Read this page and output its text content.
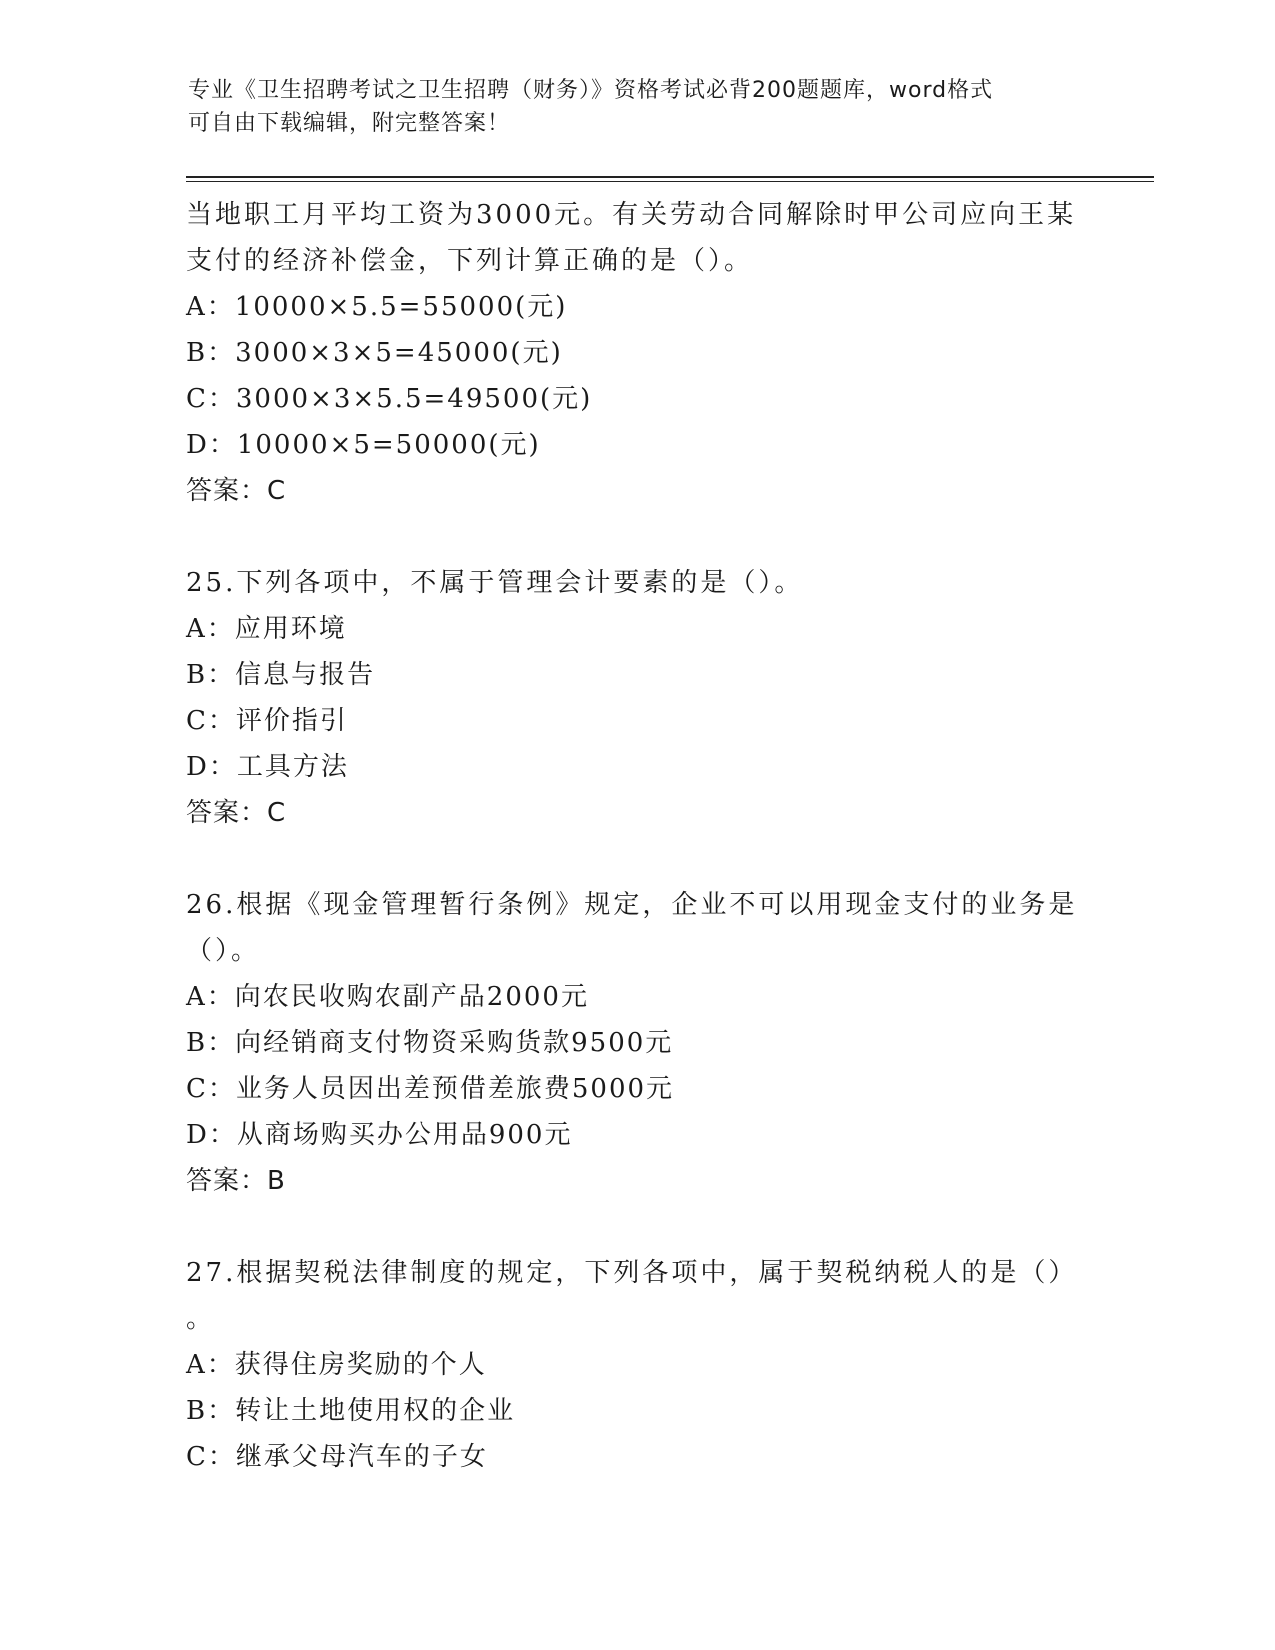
专业《卫生招聘考试之卫生招聘（财务）》资格考试必背200题题库，word格式
可自由下载编辑，附完整答案！
当地职工月平均工资为3000元。有关劳动合同解除时甲公司应向王某
支付的经济补偿金，下列计算正确的是（）。
A：10000×5.5=55000(元)
B：3000×3×5=45000(元)
C：3000×3×5.5=49500(元)
D：10000×5=50000(元)
答案：C
25.下列各项中，不属于管理会计要素的是（）。
A：应用环境
B：信息与报告
C：评价指引
D：工具方法
答案：C
26.根据《现金管理暂行条例》规定，企业不可以用现金支付的业务是
（）。
A：向农民收购农副产品2000元
B：向经销商支付物资采购货款9500元
C：业务人员因出差预借差旅费5000元
D：从商场购买办公用品900元
答案：B
27.根据契税法律制度的规定，下列各项中，属于契税纳税人的是（）
。
A：获得住房奖励的个人
B：转让土地使用权的企业
C：继承父母汽车的子女
